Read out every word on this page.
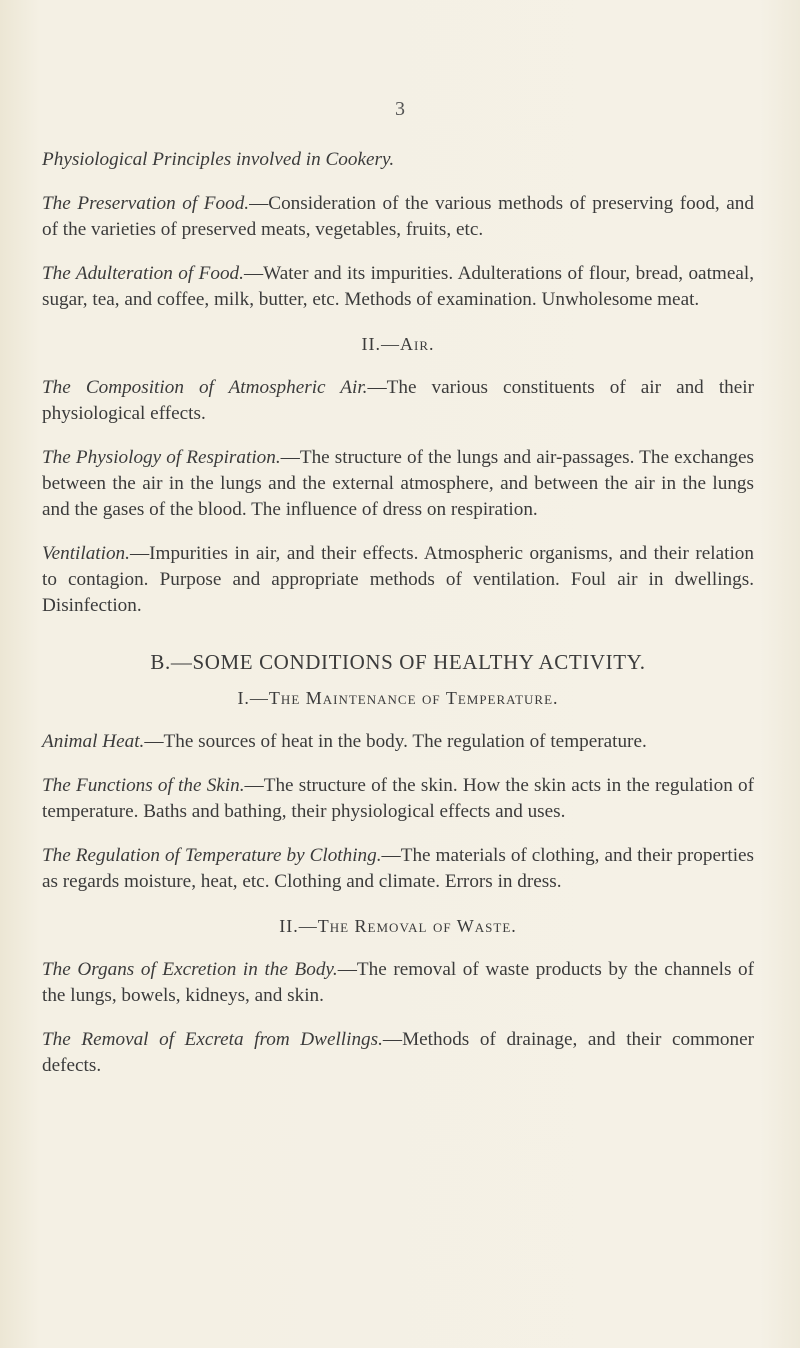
3

Physiological Principles involved in Cookery.

The Preservation of Food.—Consideration of the various methods of preserving food, and of the varieties of preserved meats, vegetables, fruits, etc.

The Adulteration of Food.—Water and its impurities. Adulterations of flour, bread, oatmeal, sugar, tea, and coffee, milk, butter, etc. Methods of examination. Unwholesome meat.

II.—Air.

The Composition of Atmospheric Air.—The various constituents of air and their physiological effects.

The Physiology of Respiration.—The structure of the lungs and air-passages. The exchanges between the air in the lungs and the external atmosphere, and between the air in the lungs and the gases of the blood. The influence of dress on respiration.

Ventilation.—Impurities in air, and their effects. Atmospheric organisms, and their relation to contagion. Purpose and appropriate methods of ventilation. Foul air in dwellings. Disinfection.

B.—SOME CONDITIONS OF HEALTHY ACTIVITY.
I.—The Maintenance of Temperature.

Animal Heat.—The sources of heat in the body. The regulation of temperature.

The Functions of the Skin.—The structure of the skin. How the skin acts in the regulation of temperature. Baths and bathing, their physiological effects and uses.

The Regulation of Temperature by Clothing.—The materials of clothing, and their properties as regards moisture, heat, etc. Clothing and climate. Errors in dress.

II.—The Removal of Waste.

The Organs of Excretion in the Body.—The removal of waste products by the channels of the lungs, bowels, kidneys, and skin.

The Removal of Excreta from Dwellings.—Methods of drainage, and their commoner defects.
